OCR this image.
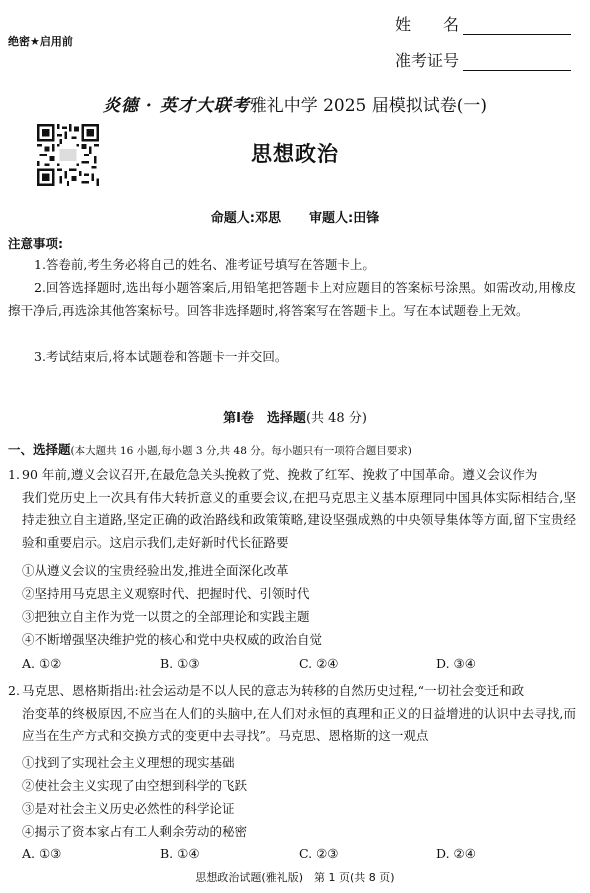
绝密★启用前
姓　　名
准考证号
炎德 · 英才大联考雅礼中学 2025 届模拟试卷(一)
思想政治
命题人:邓思 审题人:田锋
注意事项:
1.答卷前,考生务必将自己的姓名、准考证号填写在答题卡上。
2.回答选择题时,选出每小题答案后,用铅笔把答题卡上对应题目的答案标号涂黑。如需改动,用橡皮擦干净后,再选涂其他答案标号。回答非选择题时,将答案写在答题卡上。写在本试题卷上无效。
3.考试结束后,将本试题卷和答题卡一并交回。
第Ⅰ卷　选择题(共 48 分)
一、选择题(本大题共 16 小题,每小题 3 分,共 48 分。每小题只有一项符合题目要求)
1. 90 年前,遵义会议召开,在最危急关头挽救了党、挽救了红军、挽救了中国革命。遵义会议作为
我们党历史上一次具有伟大转折意义的重要会议,在把马克思主义基本原理同中国具体实际相结合,坚持走独立自主道路,坚定正确的政治路线和政策策略,建设坚强成熟的中央领导集体等方面,留下宝贵经验和重要启示。这启示我们,走好新时代长征路要
①从遵义会议的宝贵经验出发,推进全面深化改革
②坚持用马克思主义观察时代、把握时代、引领时代
③把独立自主作为党一以贯之的全部理论和实践主题
④不断增强坚决维护党的核心和党中央权威的政治自觉
A. ①②	B. ①③	C. ②④	D. ③④
2. 马克思、恩格斯指出:社会运动是不以人民的意志为转移的自然历史过程,“一切社会变迁和政
治变革的终极原因,不应当在人们的头脑中,在人们对永恒的真理和正义的日益增进的认识中去寻找,而应当在生产方式和交换方式的变更中去寻找”。马克思、恩格斯的这一观点
①找到了实现社会主义理想的现实基础
②使社会主义实现了由空想到科学的飞跃
③是对社会主义历史必然性的科学论证
④揭示了资本家占有工人剩余劳动的秘密
A. ①③	B. ①④	C. ②③	D. ②④
思想政治试题(雅礼版)　第 1 页(共 8 页)
